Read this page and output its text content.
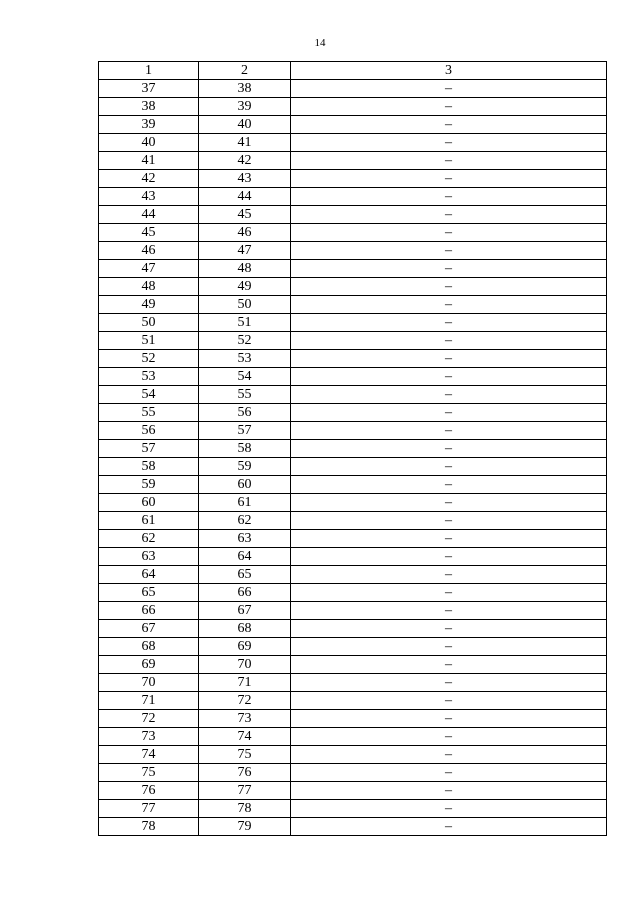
14
1	2	3
37	38	–
38	39	–
39	40	–
40	41	–
41	42	–
42	43	–
43	44	–
44	45	–
45	46	–
46	47	–
47	48	–
48	49	–
49	50	–
50	51	–
51	52	–
52	53	–
53	54	–
54	55	–
55	56	–
56	57	–
57	58	–
58	59	–
59	60	–
60	61	–
61	62	–
62	63	–
63	64	–
64	65	–
65	66	–
66	67	–
67	68	–
68	69	–
69	70	–
70	71	–
71	72	–
72	73	–
73	74	–
74	75	–
75	76	–
76	77	–
77	78	–
78	79	–
